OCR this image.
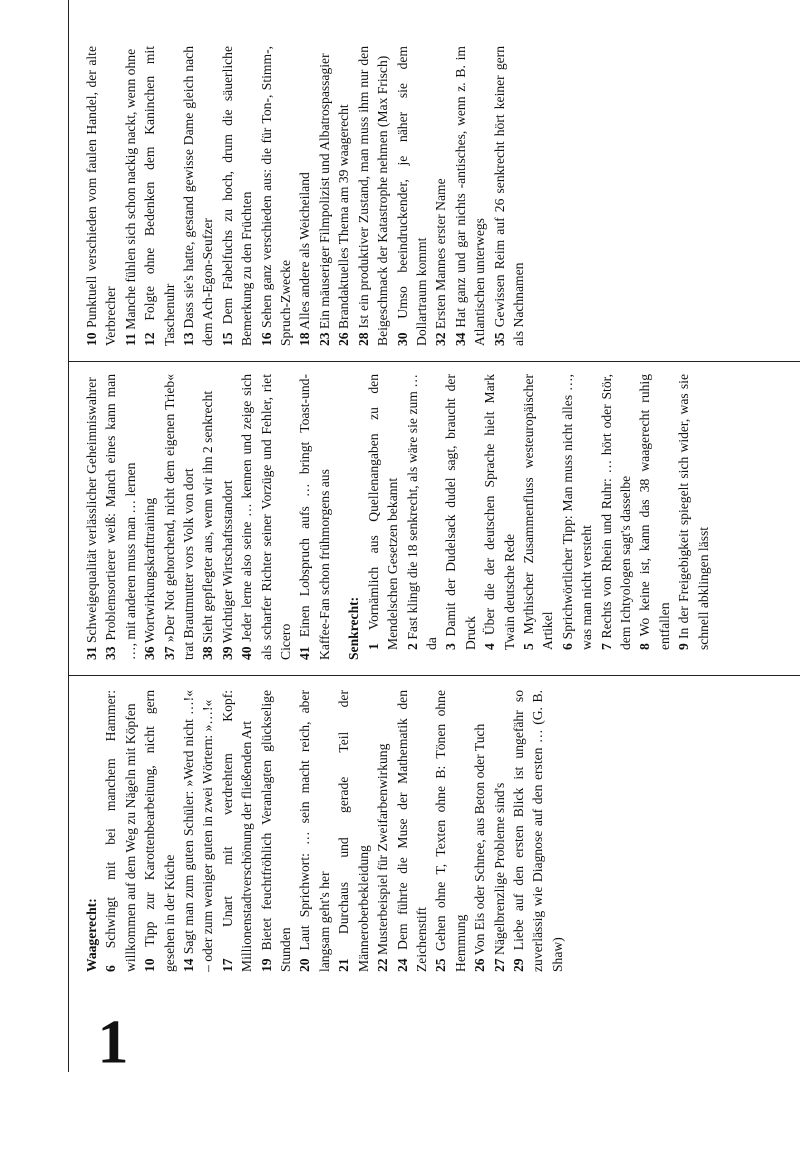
1

Waagerecht: 6 Schwingt mit bei manchem Hammer: willkommen auf dem Weg zu Nägeln mit Köpfen 10 Tipp zur Karottenbearbeitung, nicht gern gesehen in der Küche 14 Sagt man zum guten Schüler: »Werd nicht …!« – oder zum weniger guten in zwei Wörtern: »…!« 17 Unart mit verdrehtem Kopf: Millionenstadtverschönung der fließenden Art 19 Bietet feuchtfröhlich Veranlagten glückselige Stunden 20 Laut Sprichwort: … sein macht reich, aber langsam geht's her 21 Durchaus und gerade Teil der Männeroberbekleidung 22 Musterbeispiel für Zweifarbenwirkung

24 Dem führte die Muse der Mathematik den Zeichenstift 25 Gehen ohne T, Texten ohne B: Tönen ohne Hemmung 26 Von Eis oder Schnee, aus Beton oder Tuch

27 Nägelbrenzlige Probleme sind's

29 Liebe auf den ersten Blick ist ungefähr so zuverlässig wie Diagnose auf den ersten … (G. B. Shaw)

31 Schweigequalität verlässlicher Geheimniswahrer

33 Problemsortierer weiß: Manch eines kann man …, mit anderen muss man … lernen 36 Wortwirkungskrafttraining

37 »Der Not gehorchend, nicht dem eigenen Trieb« trat Brautmutter vors Volk von dort 38 Sieht gepflegter aus, wenn wir ihn 2 senkrecht

39 Wichtiger Wirtschaftsstandort

40 Jeder lerne also seine … kennen und zeige sich als scharfer Richter seiner Vorzüge und Fehler, riet Cicero 41 Einen Lobspruch aufs … bringt Toast-und-Kaffee-Fan schon frühmorgens aus Senkrecht: 1 Vornämlich aus Quellenangaben zu den Mendelschen Gesetzen bekannt 2 Fast klingt die 18 senkrecht, als wäre sie zum …da 3 Damit der Dudelsack dudel sagt, braucht der Druck 4 Über die der deutschen Sprache hielt Mark Twain deutsche Rede 5 Mythischer Zusammenfluss westeuropäischer Artikel 6 Sprichwörtlicher Tipp: Man muss nicht alles …, was man nicht versteht 7 Rechts von Rhein und Ruhr: … hört oder Stör, dem Ichtyologen sagt's dasselbe 8 Wo keine ist, kann das 38 waagerecht ruhig entfallen 9 In der Freigebigkeit spiegelt sich wider, was sie schnell abklingen lässt

10 Punktuell verschieden vom faulen Handel, der alte Verbrecher 11 Manche fühlen sich schon nackig nackt, wenn ohne

12 Folgte ohne Bedenken dem Kaninchen mit Taschenuhr 13 Dass sie's hatte, gestand gewisse Dame gleich nach dem Ach-Egon-Seufzer 15 Dem Fabelfuchs zu hoch, drum die säuerliche Bemerkung zu den Früchten 16 Sehen ganz verschieden aus: die für Ton-, Stimm-, Spruch-Zwecke 18 Alles andere als Weicheiland

23 Ein mäuseriger Filmpolizist und Albatrospassagier

26 Brandaktuelles Thema am 39 waagerecht

28 Ist ein produktiver Zustand, man muss ihm nur den Beigeschmack der Katastrophe nehmen (Max Frisch) 30 Umso beeindruckender, je näher sie dem Dollartraum kommt 32 Ersten Mannes erster Name

34 Hat ganz und gar nichts -antisches, wenn z. B. im Atlantischen unterwegs 35 Gewissen Reim auf 26 senkrecht hört keiner gern als Nachnamen
